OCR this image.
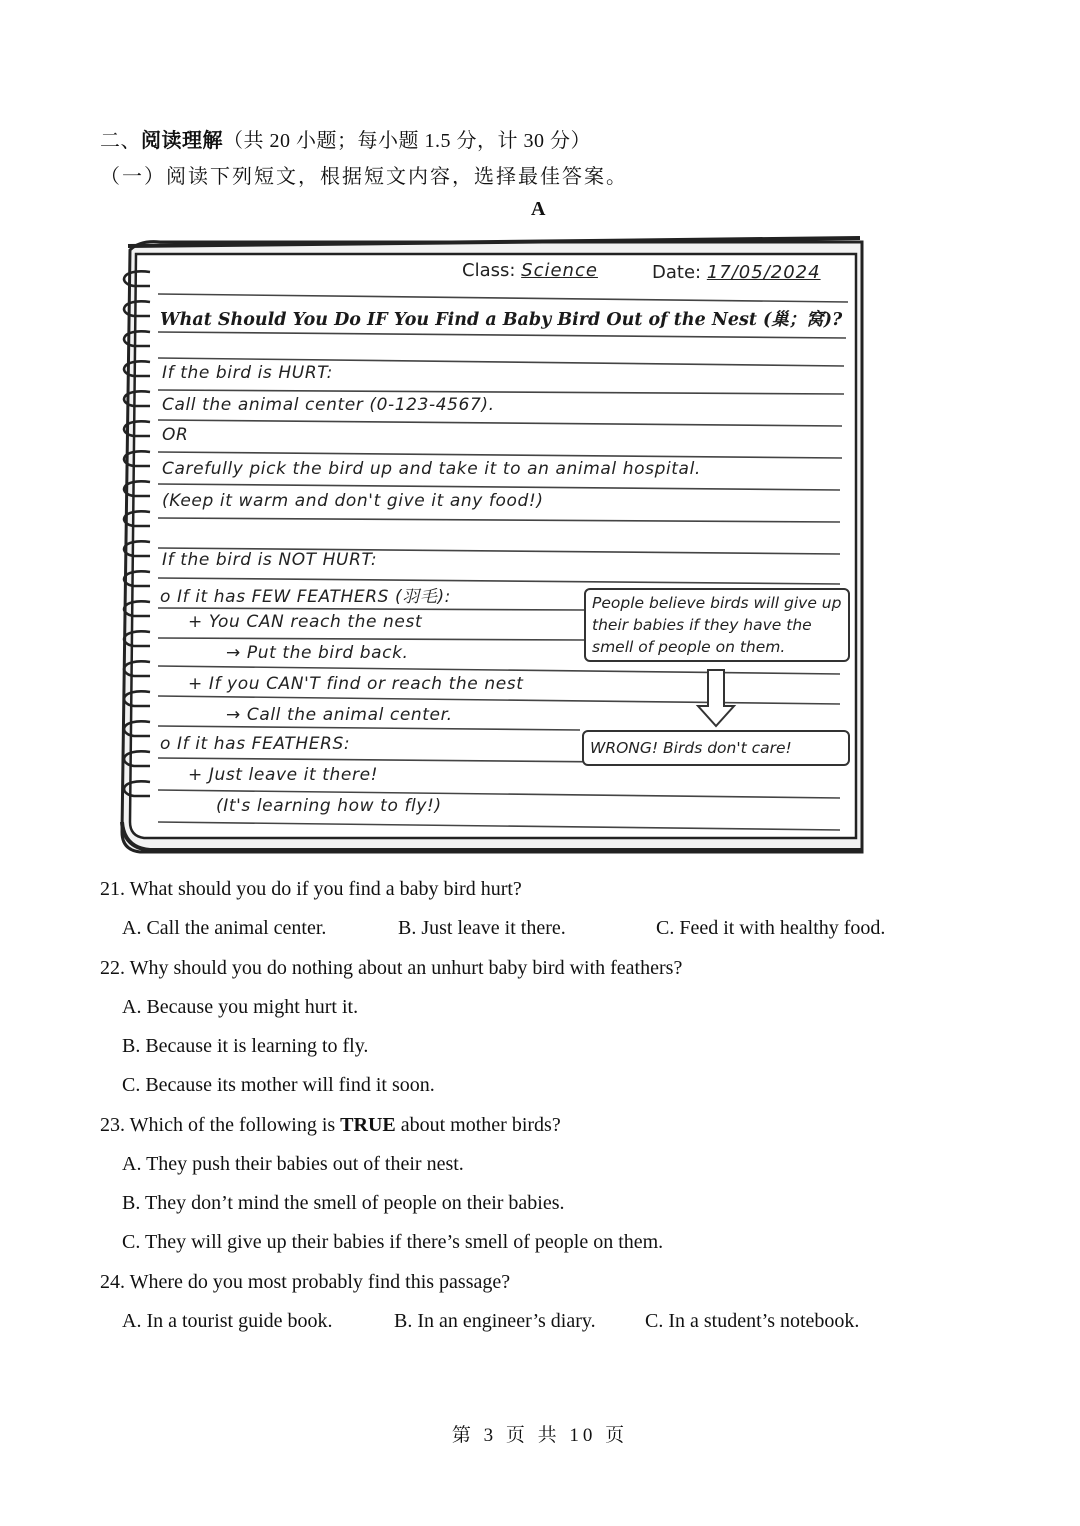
二、阅读理解（共 20 小题；每小题 1.5 分，计 30 分）
（一）阅读下列短文，根据短文内容，选择最佳答案。
A
Class: Science	Date: 17/05/2024
What Should You Do IF You Find a Baby Bird Out of the Nest (巢；窝)?
If the bird is HURT:
Call the animal center (0-123-4567).
OR
Carefully pick the bird up and take it to an animal hospital.
(Keep it warm and don't give it any food!)
If the bird is NOT HURT:
o If it has FEW FEATHERS (羽毛):
+ You CAN reach the nest
→ Put the bird back.
+ If you CAN'T find or reach the nest
→ Call the animal center.
o If it has FEATHERS:
+ Just leave it there!
(It's learning how to fly!)
People believe birds will give up their babies if they have the smell of people on them.
WRONG! Birds don't care!
21. What should you do if you find a baby bird hurt?
A. Call the animal center.	B. Just leave it there.	C. Feed it with healthy food.
22. Why should you do nothing about an unhurt baby bird with feathers?
A. Because you might hurt it.
B. Because it is learning to fly.
C. Because its mother will find it soon.
23. Which of the following is TRUE about mother birds?
A. They push their babies out of their nest.
B. They don’t mind the smell of people on their babies.
C. They will give up their babies if there’s smell of people on them.
24. Where do you most probably find this passage?
A. In a tourist guide book.	B. In an engineer’s diary. C. In a student’s notebook.
第 3 页 共 10 页
